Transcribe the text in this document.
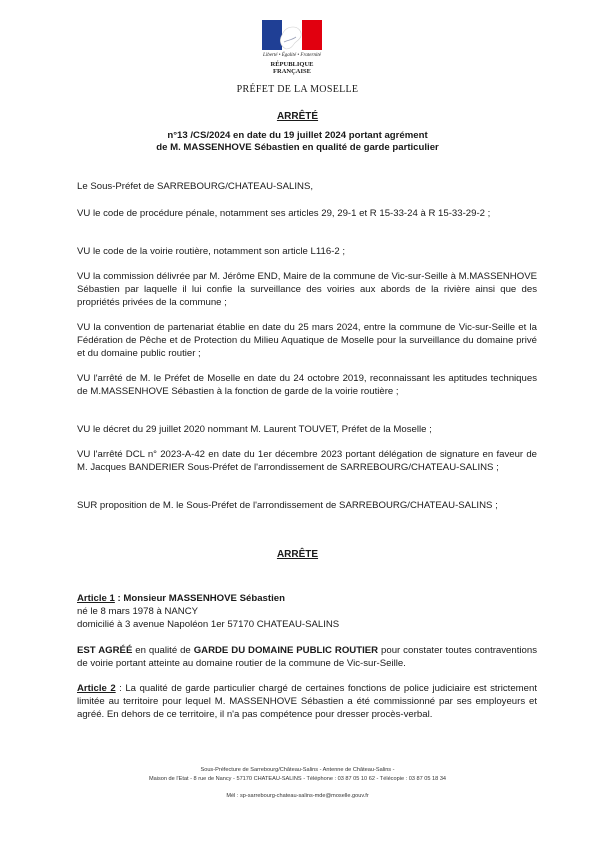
Liberté • Égalité • Fraternité
RÉPUBLIQUE
FRANÇAISE
PRÉFET DE LA MOSELLE
ARRÊTÉ
n°13 /CS/2024 en date du 19 juillet 2024 portant agrément
de M. MASSENHOVE Sébastien en qualité de garde particulier
Le Sous-Préfet de SARREBOURG/CHATEAU-SALINS,
VU le code de procédure pénale, notamment ses articles 29, 29-1 et R 15-33-24 à R 15-33-29-2 ;
VU le code de la voirie routière, notamment son article L116-2 ;
VU la commission délivrée par M. Jérôme END, Maire de la commune de Vic-sur-Seille à M.MASSENHOVE Sébastien par laquelle il lui confie la surveillance des voiries aux abords de la rivière ainsi que des propriétés privées de la commune ;
VU la convention de partenariat établie en date du 25 mars 2024, entre la commune de Vic-sur-Seille et la Fédération de Pêche et de Protection du Milieu Aquatique de Moselle pour la surveillance du domaine privé et du domaine public routier ;
VU l'arrêté de M. le Préfet de Moselle en date du 24 octobre 2019, reconnaissant les aptitudes techniques de M.MASSENHOVE Sébastien à la fonction de garde de la voirie routière ;
VU le décret du 29 juillet 2020 nommant M. Laurent TOUVET, Préfet de la Moselle ;
VU l'arrêté DCL n° 2023-A-42 en date du 1er décembre 2023 portant délégation de signature en faveur de M. Jacques BANDERIER Sous-Préfet de l'arrondissement de SARREBOURG/CHATEAU-SALINS ;
SUR proposition de M. le Sous-Préfet de l'arrondissement de SARREBOURG/CHATEAU-SALINS ;
ARRÊTE
Article 1 : Monsieur MASSENHOVE Sébastien
né le 8 mars 1978 à NANCY
domicilié à 3 avenue Napoléon 1er 57170 CHATEAU-SALINS
EST AGRÉÉ en qualité de GARDE DU DOMAINE PUBLIC ROUTIER pour constater toutes contraventions de voirie portant atteinte au domaine routier de la commune de Vic-sur-Seille.
Article 2 : La qualité de garde particulier chargé de certaines fonctions de police judiciaire est strictement limitée au territoire pour lequel M. MASSENHOVE Sébastien a été commissionné par ses employeurs et agréé. En dehors de ce territoire, il n'a pas compétence pour dresser procès-verbal.
Sous-Préfecture de Sarrebourg/Château-Salins - Antenne de Château-Salins -
Maison de l'Etat - 8 rue de Nancy - 57170 CHATEAU-SALINS - Téléphone : 03 87 05 10 62 - Télécopie : 03 87 05 18 34
Mél : sp-sarrebourg-chateau-salins-mde@moselle.gouv.fr
